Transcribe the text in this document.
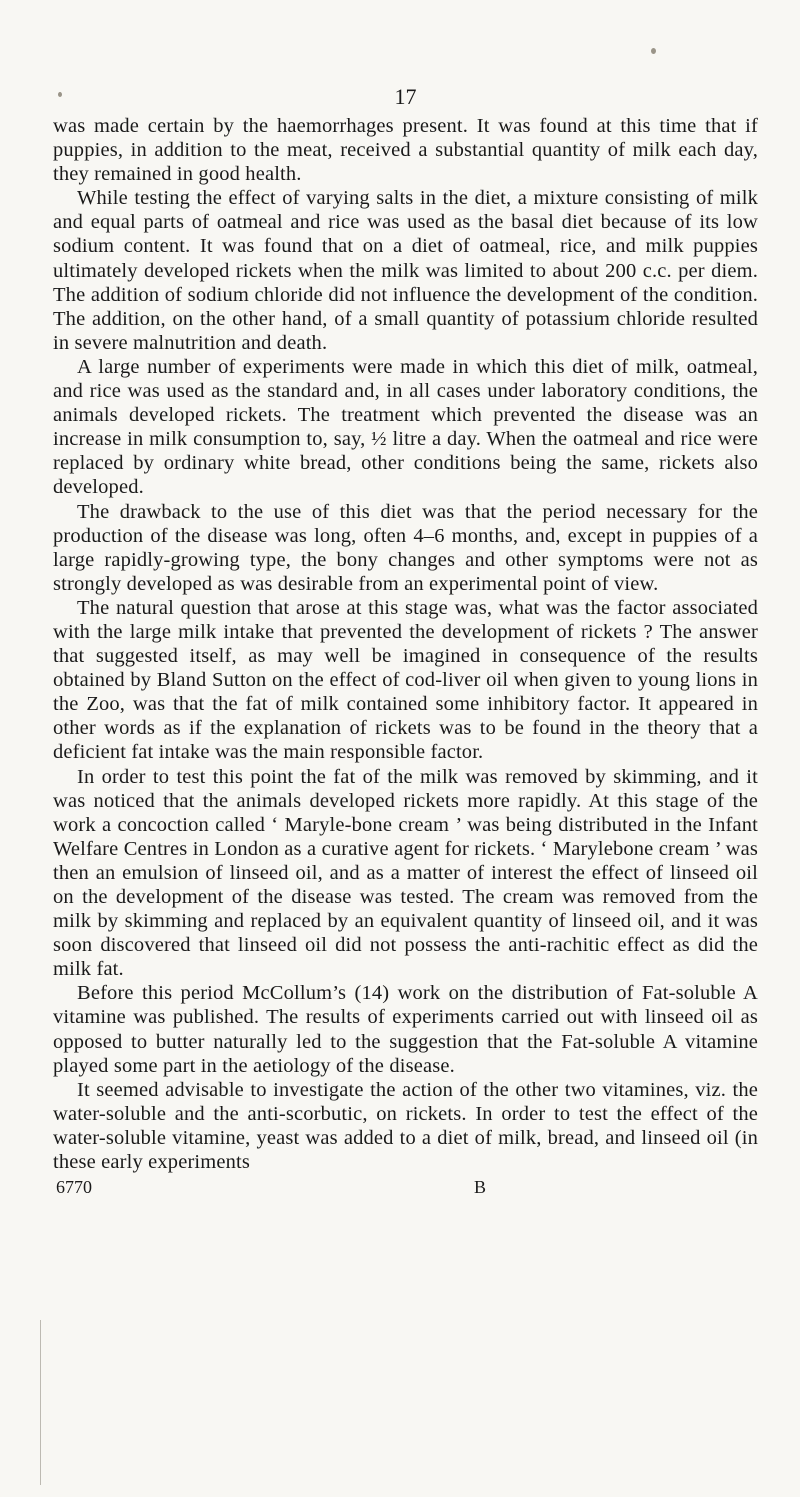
17

was made certain by the haemorrhages present. It was found at this time that if puppies, in addition to the meat, received a substantial quantity of milk each day, they remained in good health.

While testing the effect of varying salts in the diet, a mixture consisting of milk and equal parts of oatmeal and rice was used as the basal diet because of its low sodium content. It was found that on a diet of oatmeal, rice, and milk puppies ultimately developed rickets when the milk was limited to about 200 c.c. per diem. The addition of sodium chloride did not influence the development of the condition. The addition, on the other hand, of a small quantity of potassium chloride resulted in severe malnutrition and death.

A large number of experiments were made in which this diet of milk, oatmeal, and rice was used as the standard and, in all cases under laboratory conditions, the animals developed rickets. The treatment which prevented the disease was an increase in milk consumption to, say, ½ litre a day. When the oatmeal and rice were replaced by ordinary white bread, other conditions being the same, rickets also developed.

The drawback to the use of this diet was that the period necessary for the production of the disease was long, often 4–6 months, and, except in puppies of a large rapidly-growing type, the bony changes and other symptoms were not as strongly developed as was desirable from an experimental point of view.

The natural question that arose at this stage was, what was the factor associated with the large milk intake that prevented the development of rickets ? The answer that suggested itself, as may well be imagined in consequence of the results obtained by Bland Sutton on the effect of cod-liver oil when given to young lions in the Zoo, was that the fat of milk contained some inhibitory factor. It appeared in other words as if the explanation of rickets was to be found in the theory that a deficient fat intake was the main responsible factor.

In order to test this point the fat of the milk was removed by skimming, and it was noticed that the animals developed rickets more rapidly. At this stage of the work a concoction called ‘ Maryle-bone cream ’ was being distributed in the Infant Welfare Centres in London as a curative agent for rickets. ‘ Marylebone cream ’ was then an emulsion of linseed oil, and as a matter of interest the effect of linseed oil on the development of the disease was tested. The cream was removed from the milk by skimming and replaced by an equivalent quantity of linseed oil, and it was soon discovered that linseed oil did not possess the anti-rachitic effect as did the milk fat.

Before this period McCollum’s (14) work on the distribution of Fat-soluble A vitamine was published. The results of experiments carried out with linseed oil as opposed to butter naturally led to the suggestion that the Fat-soluble A vitamine played some part in the aetiology of the disease.

It seemed advisable to investigate the action of the other two vitamines, viz. the water-soluble and the anti-scorbutic, on rickets. In order to test the effect of the water-soluble vitamine, yeast was added to a diet of milk, bread, and linseed oil (in these early experiments

6770	B
